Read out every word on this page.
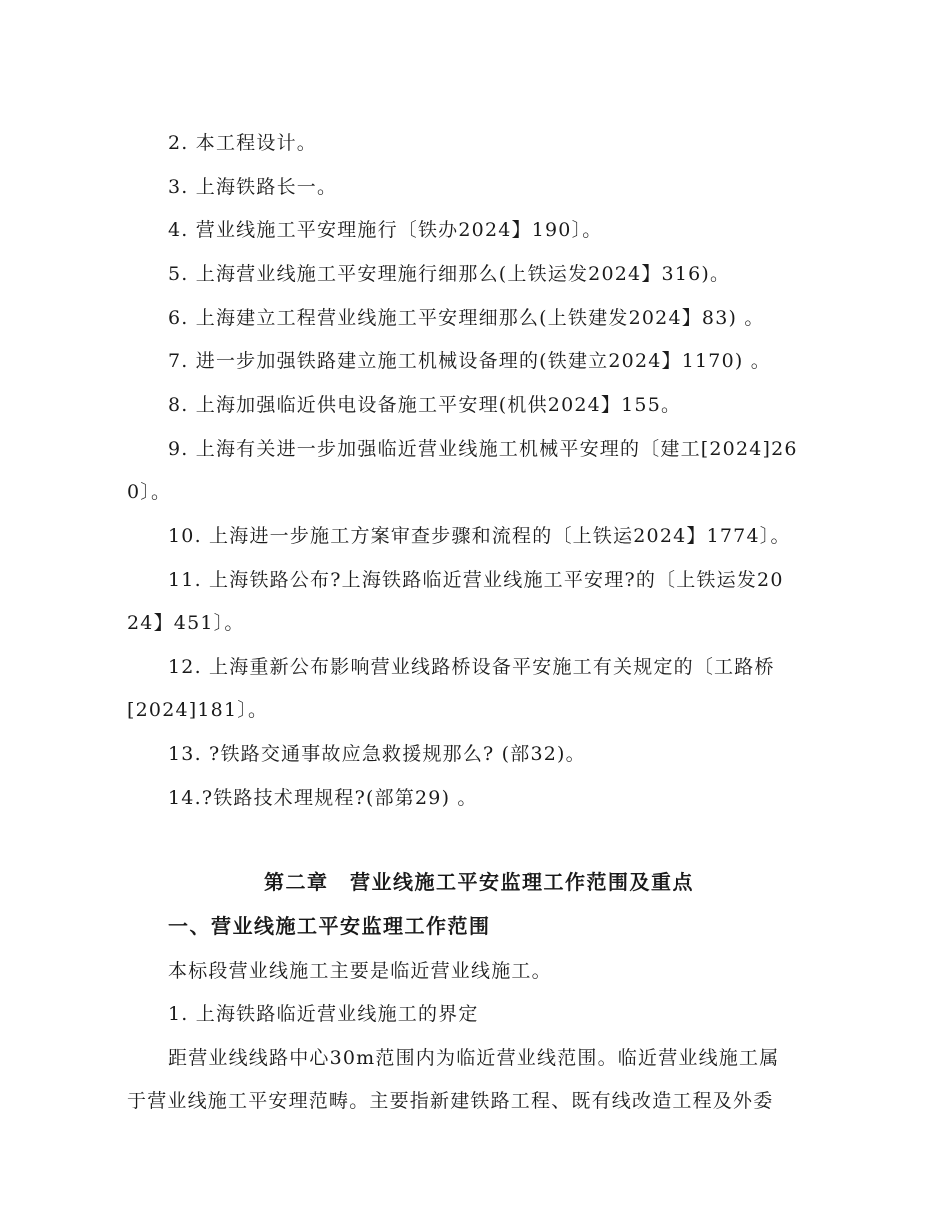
2. 本工程设计。
3. 上海铁路长一。
4. 营业线施工平安理施行〔铁办2024】190〕。
5. 上海营业线施工平安理施行细那么(上铁运发2024】316)。
6. 上海建立工程营业线施工平安理细那么(上铁建发2024】83) 。
7. 进一步加强铁路建立施工机械设备理的(铁建立2024】1170) 。
8. 上海加强临近供电设备施工平安理(机供2024】155。
9. 上海有关进一步加强临近营业线施工机械平安理的〔建工[2024]26
0〕。
10. 上海进一步施工方案审查步骤和流程的〔上铁运2024】1774〕。
11. 上海铁路公布?上海铁路临近营业线施工平安理?的〔上铁运发20
24】451〕。
12. 上海重新公布影响营业线路桥设备平安施工有关规定的〔工路桥
[2024]181〕。
13. ?铁路交通事故应急救援规那么? (部32)。
14.?铁路技术理规程?(部第29) 。
第二章　营业线施工平安监理工作范围及重点
一、营业线施工平安监理工作范围
本标段营业线施工主要是临近营业线施工。
1. 上海铁路临近营业线施工的界定
距营业线线路中心30m范围内为临近营业线范围。临近营业线施工属
于营业线施工平安理范畴。主要指新建铁路工程、既有线改造工程及外委
